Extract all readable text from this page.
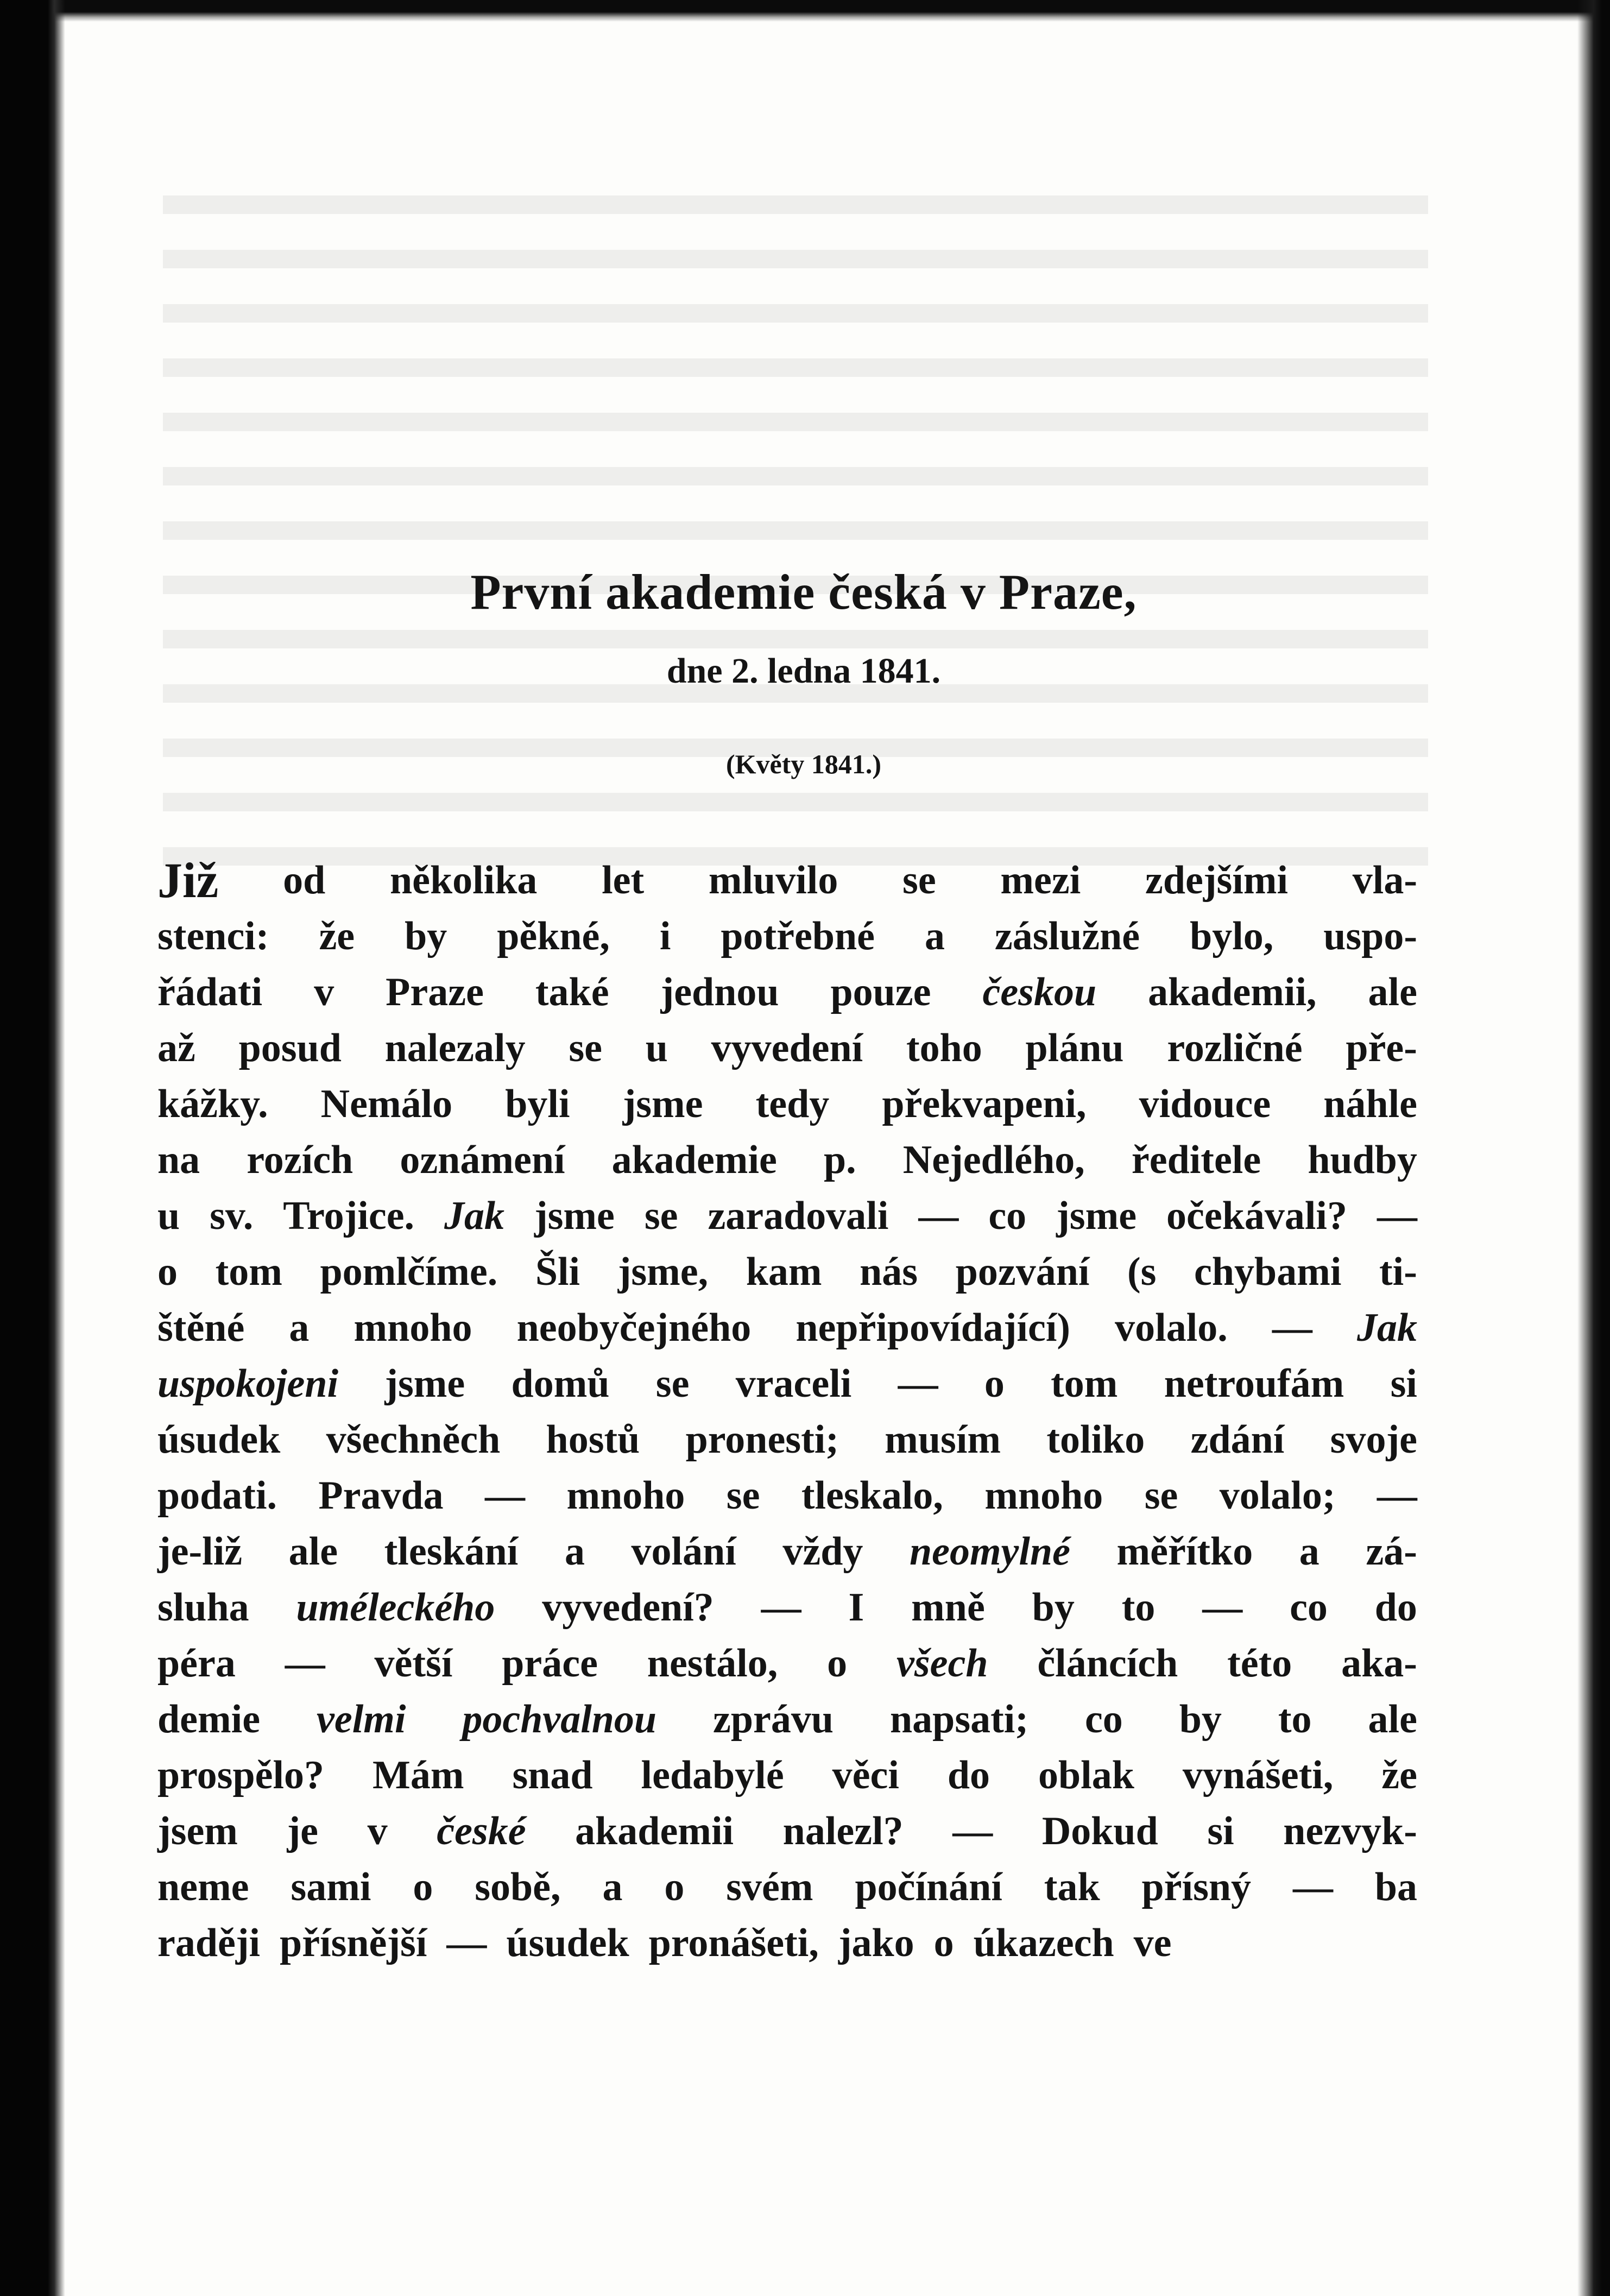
První akademie česká v Praze,
dne 2. ledna 1841.
(Květy 1841.)
Již od několika let mluvilo se mezi zdejšími vla-
stenci: že by pěkné, i potřebné a záslužné bylo, uspo-
řádati v Praze také jednou pouze českou akademii, ale
až posud nalezaly se u vyvedení toho plánu rozličné pře-
kážky. Nemálo byli jsme tedy překvapeni, vidouce náhle
na rozích oznámení akademie p. Nejedlého, ředitele hudby
u sv. Trojice. Jak jsme se zaradovali — co jsme očekávali? —
o tom pomlčíme. Šli jsme, kam nás pozvání (s chybami ti-
štěné a mnoho neobyčejného nepřipovídající) volalo. — Jak
uspokojeni jsme domů se vraceli — o tom netroufám si
úsudek všechněch hostů pronesti; musím toliko zdání svoje
podati. Pravda — mnoho se tleskalo, mnoho se volalo; —
je-liž ale tleskání a volání vždy neomylné měřítko a zá-
sluha uméleckého vyvedení? — I mně by to — co do
péra — větší práce nestálo, o všech článcích této aka-
demie velmi pochvalnou zprávu napsati; co by to ale
prospělo? Mám snad ledabylé věci do oblak vynášeti, že
jsem je v české akademii nalezl? — Dokud si nezvyk-
neme sami o sobě, a o svém počínání tak přísný — ba
raději přísnější — úsudek pronášeti, jako o úkazech ve
